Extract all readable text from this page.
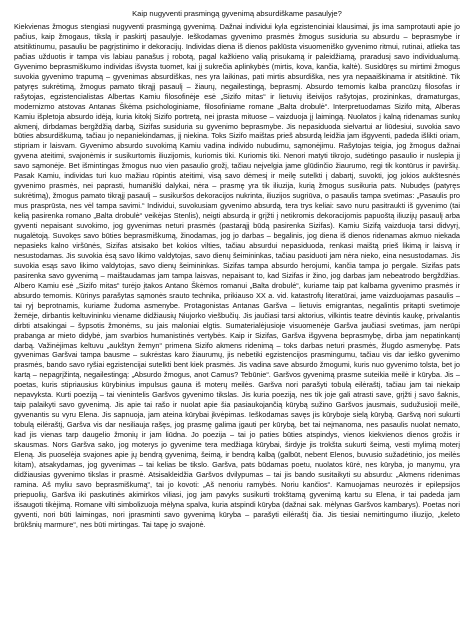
Kaip nugyventi prasmingą gyvenimą absurdiškame pasaulyje?

Kiekvienas žmogus stengiasi nugyventi prasmingą gyvenimą. Dažnai individui kyla egzistenciniai klausimai, jis ima samprotauti apie jo pačius, kaip žmogaus, tikslą ir paskirtį pasaulyje. Ieškodamas gyvenimo prasmės žmogus susiduria su absurdu – beprasmybe ir atsitiktinumu, pasauliu be pagrįstinimo ir dekoracijų. Individas diena iš dienos paklūsta visuomeniško gyvenimo ritmui, rutinai, atlieka tas pačias užduotis ir tampa vis labiau panašus į robotą, pagal kažkieno valią prisukamą ir paleidžiamą, praradusį savo individualumą. Gyvenimo beprasmiškumo individas išvysta tuomet, kai jį sukrečia aplinkybės (mirtis, kova, kančia, kaltė). Susidūręs su mirtimi žmogus suvokia gyvenimo trapumą – gyvenimas absurdiškas, nes yra laikinas, pati mirtis absurdiška, nes yra nepaaiškinama ir atsitiktinė. Tik patyręs sukrėtimą, žmogus pamato tikrąjį pasaulį – žiaurų, negailestingą, beprasmį. Absurdo temomis kalba prancūzų filosofas ir rašytojas, egzistencialistas Albertas Kamiu filosofinėje esė „Sizifo mitas“ ir lietuvių išeivijos rašytojas, prozininkas, dramaturgas, modernizmo atstovas Antanas Škėma psichologiniame, filosofiniame romane „Balta drobulė“. Interpretuodamas Sizifo mitą, Alberas Kamiu išpletoja absurdo idėją, kuria kitokį Sizifo portretą, nei įprasta mituose – vaizduoja jį laimingą. Nuolatos į kalną ridenamas sunkų akmenį, dirbdamas bergždžią darbą, Sizifas susiduria su gyvenimo beprasmybe. Jis nepasiduoda sielvartui ar liūdesiui, suvokia savo būties absurdiškumą, tačiau jo nepaniekindamas, jį niekina. Toks Sizifo maištas prieš absurdą leidžia jam išgyventi, padeda išlikti oriam, stipriam ir laisvam. Gyvenimo absurdo suvokimą Kamiu vadina individo nubudimu, sąmonėjimu. Rašytojas teigia, jog žmogus dažnai gyvena ateitimi, svajonėmis ir susikurtomis iliuzijomis, kuriomis tiki. Kuriomis tiki. Nenori matyti tikrojo, sudėtingo pasaulio ir nuslepia jį savo sąmonėje. Bet išmintingas žmogus nuo vien pasaulio grožį, tačiau nejvelgia jame glūdinčio žiaurumo, regi tik kontūrus ir paviršių. Pasak Kamiu, individas turi kuo mažiau rūpintis ateitimi, visą savo dėmesį ir meilę sutelkti į dabartį, suvokti, jog jokios aukštesnės gyvenimo prasmės, nei paprasti, humaniški dalykai, nėra – prasmę yra tik iliuzija, kurią žmogus susikuria pats. Nubudęs (patyręs sukrėtimą), žmogus pamato tikrąjį pasaulį – susikuršos dekoracijos nukrinta, iliuzijos sugriūva, o pasaulis tampa svetimas: „Pasaulis pro mus prasprūsta, nes vėl tampa savimi.“ Individui, suvokusiam gyvenimo absurdą, tera trys keliai: savo nuru pasitraukti iš gyvenimo (tai kelią pasirenka romano „Balta drobulė“ veikėjas Stenlis), neigti absurdą ir grįžti į netikromis dekoracijomis papuoštą iliuzijų pasaulį arba gyventi nepaisant suvokimo, jog gyvenimas neturi prasmės (pastarąjį būdą pasirenka Sizifas). Kamiu Sizifą vaizduoja tarsi didvyrį, nugalėtoją. Suvokęs savo būties beprasmiškumą, žinodamas, jog jo darbas – begalinis, jog diena iš dienos ridenamas akmuo niekada nepasieks kalno viršūnės, Sizifas atsisako bet kokios vilties, tačiau absurdui nepasiduoda, renkasi maištą prieš likimą ir laisvą ir nesustodamas. Jis suvokia ėsą savo likimo valdytojas, savo dienų šeimininkas, tačiau pasiduoti jam nėra nieko, eina nesustodamas. Jis suvokia esąs savo likimo valdytojas, savo dienų šeimininkas. Sizifas tampa absurdo herojumi, kančia tampa jo pergale. Sizifas pats pasirenka savo gyvenimą – maištaudamas jam tampa laisvas, nepaisant to, kad Sizifas ir žino, jog darbas jam nebeatrodo bergždžias. Albero Kamiu esė „Sizifo mitas“ turėjo įtakos Antano Škėmos romanui „Balta drobulė“, kuriame taip pat kalbama gyvenimo prasmės ir absurdo temomis. Kūrinys parašytas sąmonės srauto technika, prikiauso XX a. vid. katastrofų literatūrai, jame vaizduojamas pasaulis – tai ryj beprotnamis, kuriame žudoma asmenybe. Protagonistas Antanas Garšva – lietuvis emigrantas, negalintis pritapti svetimoje žemėje, dirbantis keltuvininku viename didžiausių Niujorko viešbučių. Jis jaučiasi tarsi aktorius, vilkintis teatre dėvintis kaukę, privalantis dirbti atsakingai – šypsotis žmonėms, su jais maloniai elgtis. Sumaterialėjusioje visuomenėje Garšva jaučiasi svetimas, jam nerūpi prabanga ar mieto didybė, jam svarbios humanistinės vertybės. Kaip ir Sizifas, Garšva išgyvena beprasmybę, dirba jam nepatinkantį darbą. Važinėjimas keltuvu „aukštyn žemyn“ primena Sizifo akmens ridenimą – toks darbas neturi prasmės, žlugdo asmenybę. Pats gyvenimas Garšvai tampa bausme – sukrėstas karo žiaurumų, jis nebetiki egzistencijos prasmingumu, tačiau vis dar ieško gyvenimo prasmės, bando savo ryšiai egzistencijai sutelkti bent kiek prasmės. Jis vadina save absurdo žmogumi, kuris nuo gyvenimo tolsta, bet jo kartą – nepagrįžintą, negailestingą: „Absurdo žmogus, anot Camus? Tebūnie“. Garšvos gyvenimą prasme suteikia meilė ir kūryba. Jis – poetas, kuris stipriausius kūrybinius impulsus gauna iš moterų meilės. Garšva nori parašyti tobulą eilėraštį, tačiau jam tai niekaip nepavyksta. Kurti poeziją – tai vienintelis Garšvos gyvenimo tikslas. Jis kuria poeziją, nes tik joje gali atrasti save, grįžti į savo šaknis, taip palaikyti savo gyvenimą. Jis apie tai rašo ir nuolat apie šia pasiaukojančią kūrybą sužino Garšvos jausmais, sudužusioji meilė, gyvenantis su vyru Elena. Jis sapnuoja, jam ateina kūrybai įkvėpimas. Ieškodamas savęs jis kūryboje sielą kūrybą. Garšvą nori sukurti tobulą eilėraštį, Garšva vis dar nesiliauja rašęs, jog prasmę galima įgauti per kūrybą, bet tai neįmanoma, nes pasaulis nuolat nemato, kad jis vienas tarp daugelio žmonių ir jam liūdna. Jo poezija – tai jo paties būties atspindys, vienos kiekvienos dienos grožis ir skausmas. Nors Garšva sako, jog moterys jo gyvenime tera medžiaga kūrybai, širdyje jis trokšta sukurti šeimą, vesti mylimą moterį Eleną. Jis puoselėja svajones apie jų bendrą gyvenimą, šeimą, ir bendrą kalbą (galbūt, nebent Elenos, buvusio sužadėtinio, jos meilės kitam), atsakydamas, jog gyvenimas – tai kelias be tikslo. Garšva, pats būdamas poetu, nuolatos kūrė, nes kūryba, jo manymu, yra didžiausias gyvenimo tikslas ir prasmė. Atsisakleidžia Garšvos dvilypumas – tai jis bando susitaikyti su absurdu: „Akmens ridenimas ramina. Aš myliu savo beprasmiškumą“, tai jo kovoti: „Aš nenoriu ramybės. Noriu kančios“. Kamuojamas neurozės ir epilepsijos priepuolių, Garšva iki paskutinės akimirkos viliasi, jog jam pavyks susikurti trokštamą gyvenimą kartu su Elena, ir tai padeda jam išsaugoti tikėjimą. Romane vilti simbolizuoja mėlyna spalva, kuria atspindi kūryba (dažnai sak. mėlynas Garšvos kambarys). Poetas nori gyventi, nori būti laimingas, nori įprasminti savo gyvenimą kūryba – parašyti eilėraštį čia. Jis tiesiai nemirtingumo iliuzijo, „keleto brūkšnių marmure“, nes būti mirtingas. Tai tapę jo svajonė.
